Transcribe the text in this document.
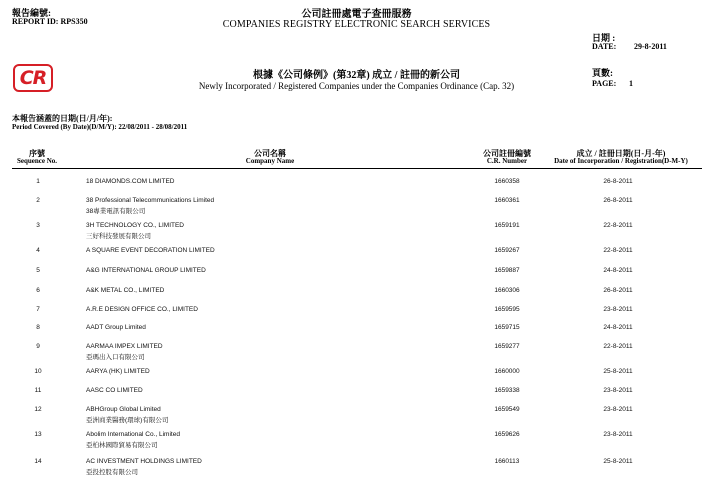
報告編號:
REPORT ID: RPS350
公司註冊處電子查冊服務
COMPANIES REGISTRY ELECTRONIC SEARCH SERVICES
根據《公司條例》(第32章) 成立 / 註冊的新公司
Newly Incorporated / Registered Companies under the Companies Ordinance (Cap. 32)
CR
日期 :
DATE: 29-8-2011
頁數:
PAGE: 1
本報告涵蓋的日期(日/月/年):
Period Covered (By Date)(D/M/Y): 22/08/2011 - 28/08/2011
序號
Sequence No.
公司名稱
Company Name
公司註冊編號
C.R. Number
成立 / 註冊日期(日-月-年)
Date of Incorporation / Registration(D-M-Y)
1	18 DIAMONDS.COM LIMITED	1660358	26-8-2011
2	38 Professional Telecommunications Limited
38專業電訊有限公司
1660361	26-8-2011
3	3H TECHNOLOGY CO., LIMITED
三好科技發展有限公司
1659191	22-8-2011
4	A SQUARE EVENT DECORATION LIMITED	1659267	22-8-2011
5	A&G INTERNATIONAL GROUP LIMITED	1659887	24-8-2011
6	A&K METAL CO., LIMITED	1660306	26-8-2011
7	A.R.E DESIGN OFFICE CO., LIMITED	1659595	23-8-2011
8	AADT Group Limited	1659715	24-8-2011
9	AARMAA IMPEX LIMITED
亞瑪出入口有限公司
1659277	22-8-2011
10	AARYA (HK) LIMITED	1660000	25-8-2011
11	AASC CO LIMITED	1659338	23-8-2011
12	ABHGroup Global Limited
亞洲商業醫務(環球)有限公司
1659549	23-8-2011
13	Abolim International Co., Limited
亞柏林國際貿易有限公司
1659626	23-8-2011
14	AC INVESTMENT HOLDINGS LIMITED
亞投控股有限公司
1660113	25-8-2011
